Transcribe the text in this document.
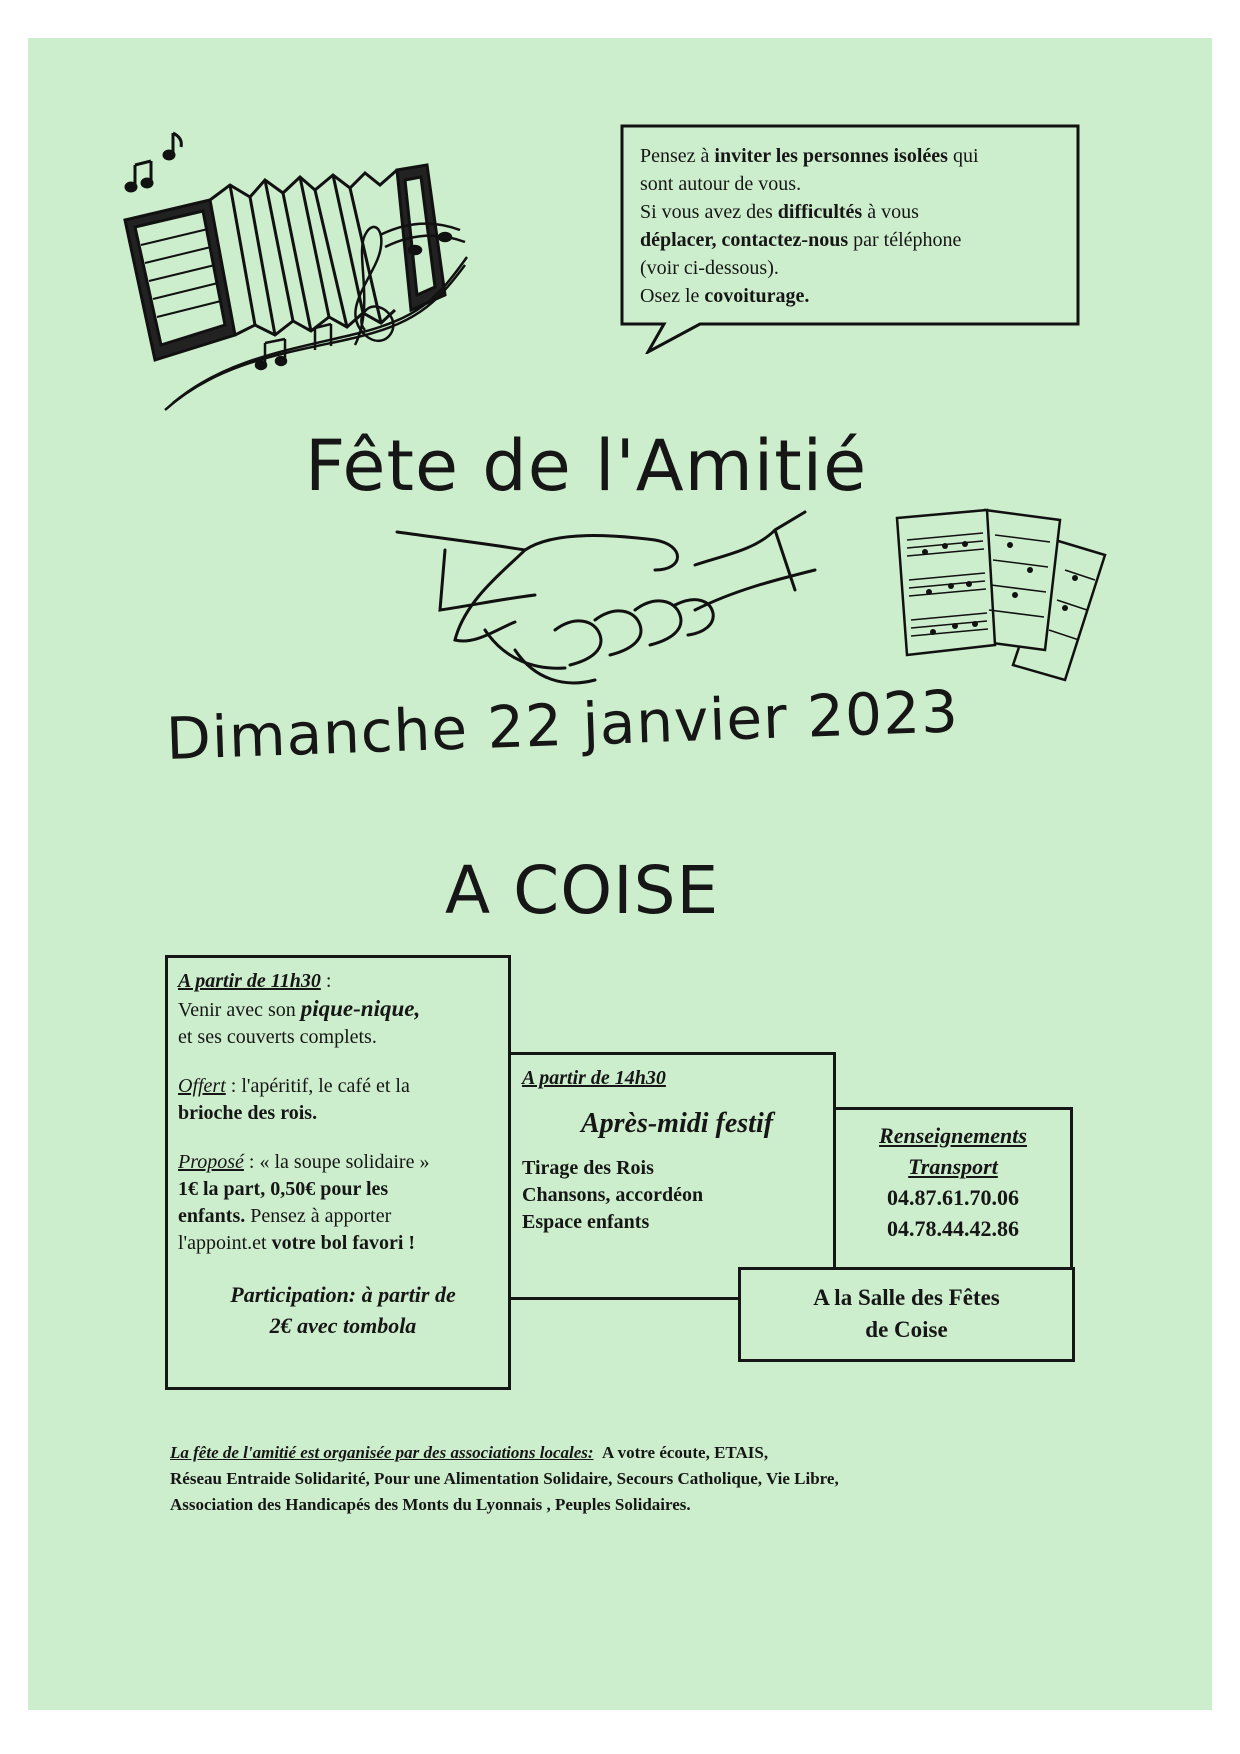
Pensez à inviter les personnes isolées qui

sont autour de vous.

Si vous avez des difficultés à vous

déplacer, contactez-nous par téléphone

(voir ci-dessous).

Osez le covoiturage.

Fête de l'Amitié
Dimanche 22 janvier 2023
A COISE

A partir de 11h30 :

Venir avec son pique-nique,

et ses couverts complets.

Offert : l'apéritif, le café et la

brioche des rois.

Proposé : « la soupe solidaire »

1€ la part, 0,50€ pour les

enfants. Pensez à apporter

l'appoint.et votre bol favori !

Participation: à partir de

2€ avec tombola

A partir de 14h30

Après-midi festif

Tirage des Rois

Chansons, accordéon

Espace enfants

Renseignements

Transport

04.87.61.70.06

04.78.44.42.86

A la Salle des Fêtes

de Coise

La fête de l'amitié est organisée par des associations locales: A votre écoute, ETAIS,

Réseau Entraide Solidarité, Pour une Alimentation Solidaire, Secours Catholique, Vie Libre,

Association des Handicapés des Monts du Lyonnais , Peuples Solidaires.
